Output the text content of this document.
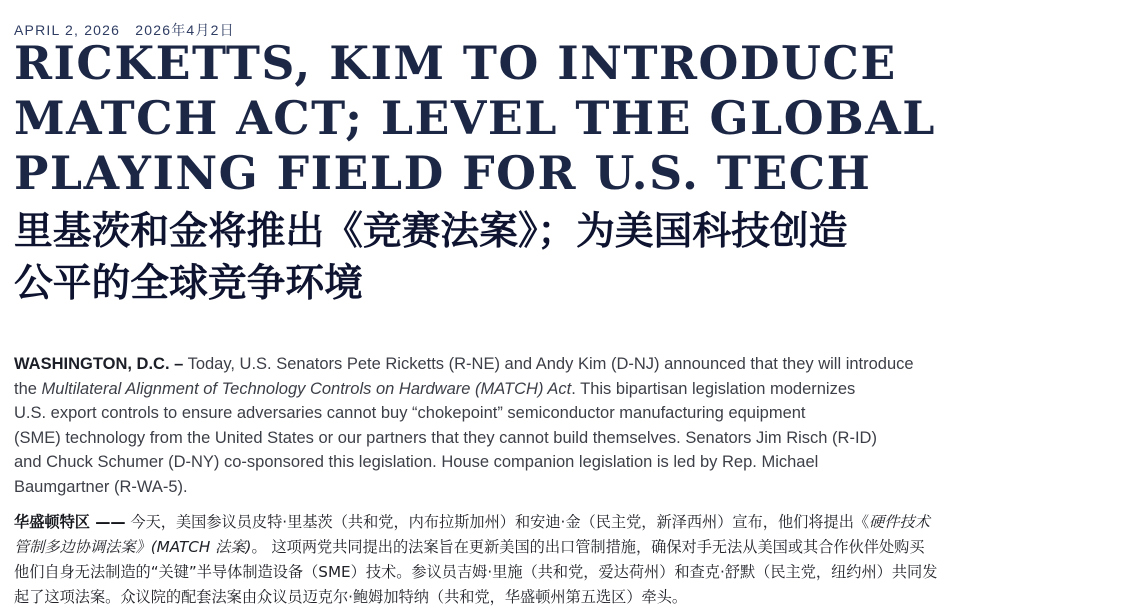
APRIL 2, 2026 2026年4月2日
RICKETTS, KIM TO INTRODUCE
MATCH ACT; LEVEL THE GLOBAL
PLAYING FIELD FOR U.S. TECH
里基茨和金将推出《竞赛法案》；为美国科技创造
公平的全球竞争环境
WASHINGTON, D.C. – Today, U.S. Senators Pete Ricketts (R-NE) and Andy Kim (D-NJ) announced that they will introduce
the Multilateral Alignment of Technology Controls on Hardware (MATCH) Act. This bipartisan legislation modernizes
U.S. export controls to ensure adversaries cannot buy “chokepoint” semiconductor manufacturing equipment
(SME) technology from the United States or our partners that they cannot build themselves. Senators Jim Risch (R-ID)
and Chuck Schumer (D-NY) co-sponsored this legislation. House companion legislation is led by Rep. Michael
Baumgartner (R-WA-5).
华盛顿特区 —— 今天，美国参议员皮特·里基茨（共和党，内布拉斯加州）和安迪·金（民主党，新泽西州）宣布，他们将提出《硬件技术
管制多边协调法案》(MATCH 法案)。 这项两党共同提出的法案旨在更新美国的出口管制措施，确保对手无法从美国或其合作伙伴处购买
他们自身无法制造的“关键”半导体制造设备（SME）技术。参议员吉姆·里施（共和党，爱达荷州）和查克·舒默（民主党，纽约州）共同发
起了这项法案。众议院的配套法案由众议员迈克尔·鲍姆加特纳（共和党，华盛顿州第五选区）牵头。
